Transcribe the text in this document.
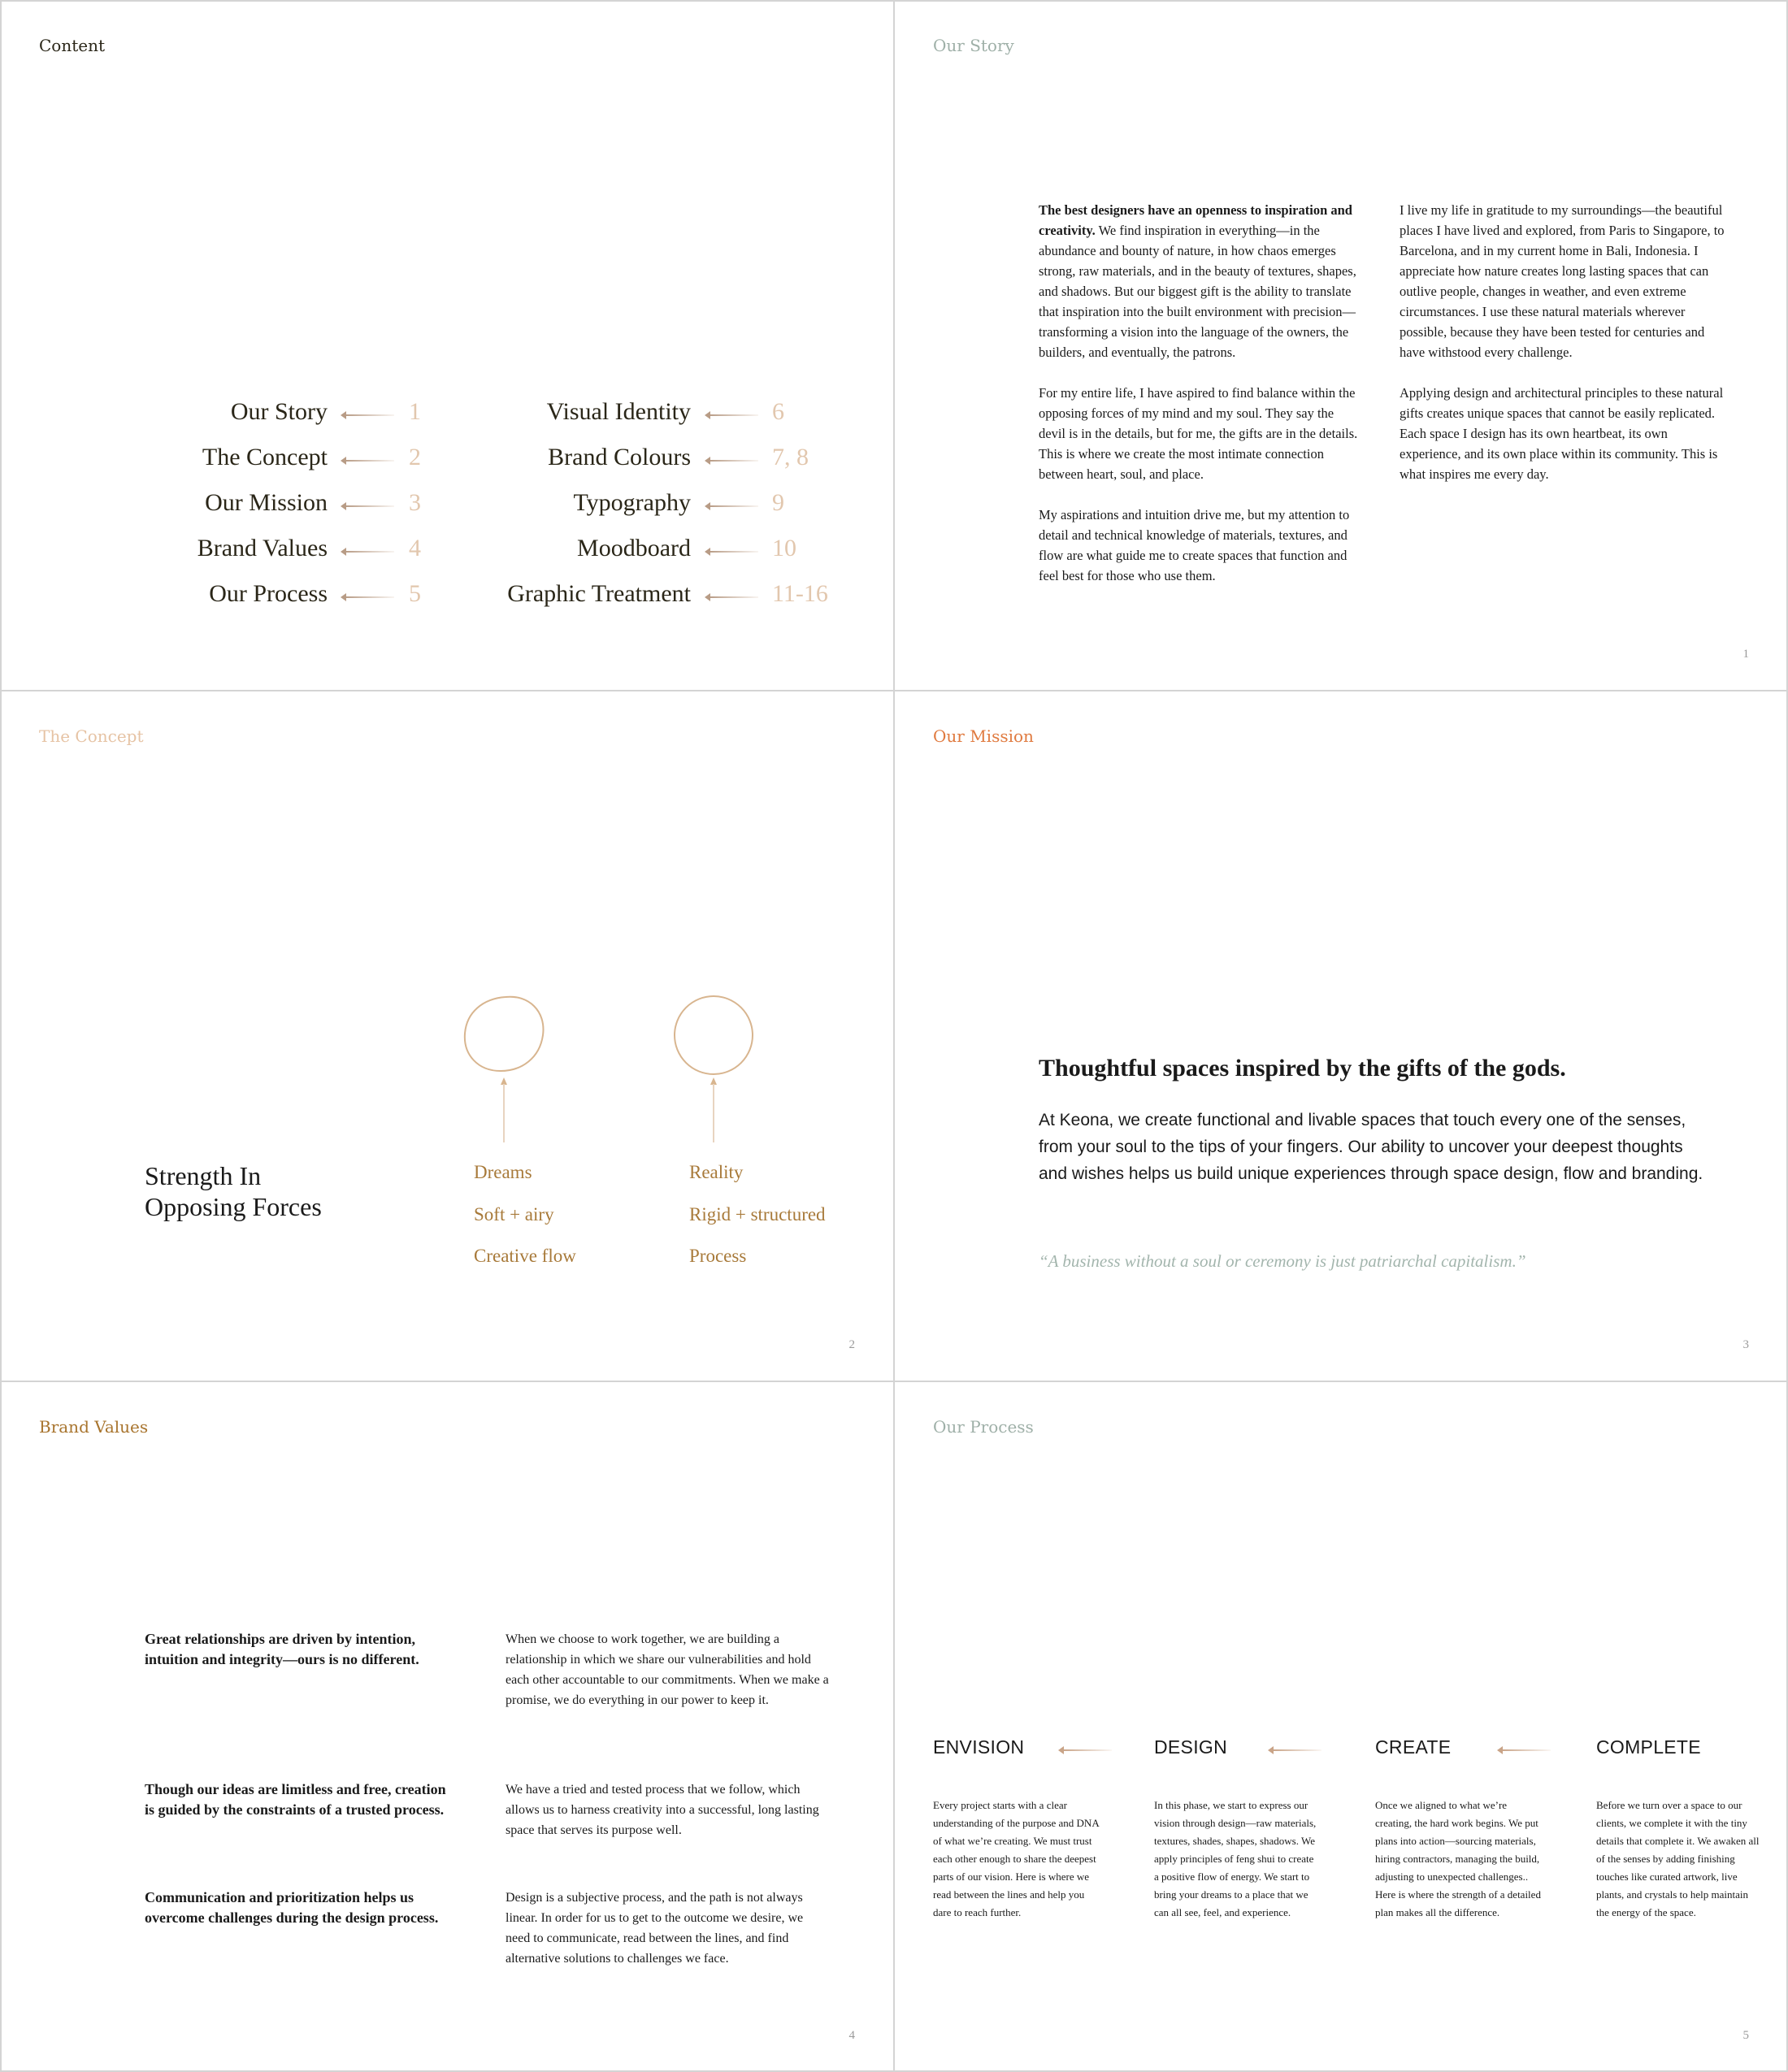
Content
Our Story	1
The Concept	2
Our Mission	3
Brand Values	4
Our Process	5
Visual Identity	6
Brand Colours	7, 8
Typography	9
Moodboard	10
Graphic Treatment	11-16
Our Story

The best designers have an openness to inspiration and creativity. We find inspiration in everything—in the abundance and bounty of nature, in how chaos emerges strong, raw materials, and in the beauty of textures, shapes, and shadows. But our biggest gift is the ability to translate that inspiration into the built environment with precision—transforming a vision into the language of the owners, the builders, and eventually, the patrons.

For my entire life, I have aspired to find balance within the opposing forces of my mind and my soul. They say the devil is in the details, but for me, the gifts are in the details. This is where we create the most intimate connection between heart, soul, and place.

My aspirations and intuition drive me, but my attention to detail and technical knowledge of materials, textures, and flow are what guide me to create spaces that function and feel best for those who use them.

I live my life in gratitude to my surroundings—the beautiful places I have lived and explored, from Paris to Singapore, to Barcelona, and in my current home in Bali, Indonesia. I appreciate how nature creates long lasting spaces that can outlive people, changes in weather, and even extreme circumstances. I use these natural materials wherever possible, because they have been tested for centuries and have withstood every challenge.

Applying design and architectural principles to these natural gifts creates unique spaces that cannot be easily replicated. Each space I design has its own heartbeat, its own experience, and its own place within its community. This is what inspires me every day.

1
The Concept
Strength In
Opposing Forces
Dreams
Soft + airy
Creative flow
Reality
Rigid + structured
Process
2
Our Mission
Thoughtful spaces inspired by the gifts of the gods.
At Keona, we create functional and livable spaces that touch every one of the senses, from your soul to the tips of your fingers. Our ability to uncover your deepest thoughts and wishes helps us build unique experiences through space design, flow and branding.
“A business without a soul or ceremony is just patriarchal capitalism.”
3
Brand Values
Great relationships are driven by intention, intuition and integrity—ours is no different.
When we choose to work together, we are building a relationship in which we share our vulnerabilities and hold each other accountable to our commitments. When we make a promise, we do everything in our power to keep it.
Though our ideas are limitless and free, creation is guided by the constraints of a trusted process.
We have a tried and tested process that we follow, which allows us to harness creativity into a successful, long lasting space that serves its purpose well.
Communication and prioritization helps us overcome challenges during the design process.
Design is a subjective process, and the path is not always linear. In order for us to get to the outcome we desire, we need to communicate, read between the lines, and find alternative solutions to challenges we face.
4
Our Process
ENVISION	DESIGN	CREATE	COMPLETE
Every project starts with a clear understanding of the purpose and DNA of what we’re creating. We must trust each other enough to share the deepest parts of our vision. Here is where we read between the lines and help you dare to reach further.
In this phase, we start to express our vision through design—raw materials, textures, shades, shapes, shadows. We apply principles of feng shui to create a positive flow of energy. We start to bring your dreams to a place that we can all see, feel, and experience.
Once we aligned to what we’re creating, the hard work begins. We put plans into action—sourcing materials, hiring contractors, managing the build, adjusting to unexpected challenges.. Here is where the strength of a detailed plan makes all the difference.
Before we turn over a space to our clients, we complete it with the tiny details that complete it. We awaken all of the senses by adding finishing touches like curated artwork, live plants, and crystals to help maintain the energy of the space.
5
